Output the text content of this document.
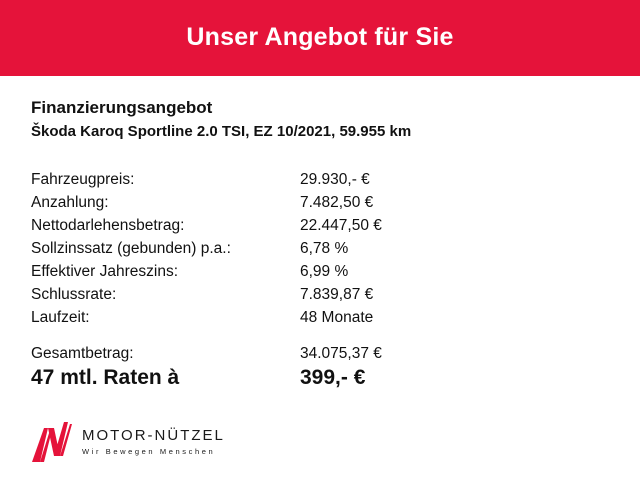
Unser Angebot für Sie
Finanzierungsangebot
Škoda Karoq Sportline 2.0 TSI, EZ 10/2021, 59.955 km
Fahrzeugpreis:	29.930,- €
Anzahlung:	7.482,50 €
Nettodarlehensbetrag:	22.447,50 €
Sollzinssatz (gebunden) p.a.:	6,78 %
Effektiver Jahreszins:	6,99 %
Schlussrate:	7.839,87 €
Laufzeit:	48 Monate
Gesamtbetrag:	34.075,37 €
47 mtl. Raten à	399,- €
MOTOR-NÜTZEL
Wir Bewegen Menschen
